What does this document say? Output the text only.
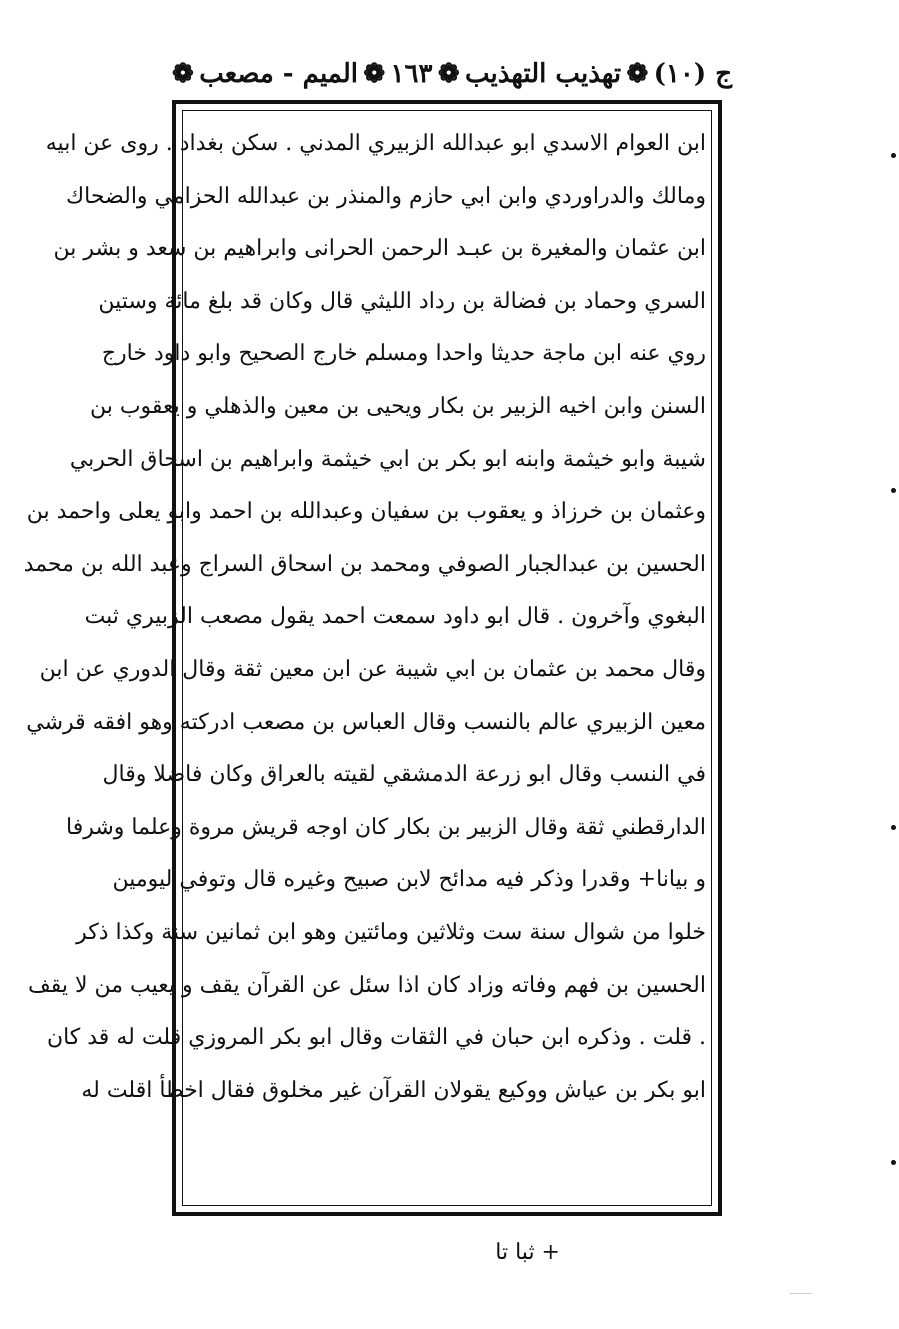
ج (١٠)
❁
تهذيب التهذيب
❁
١٦٣
❁
الميم - مصعب
❁
ابن العوام الاسدي ابو عبدالله الزبيري المدني . سكن بغداد . روى عن ابيه
ومالك والدراوردي وابن ابي حازم والمنذر بن عبدالله الحزامي والضحاك
ابن عثمان والمغيرة بن عبـد الرحمن الحرانى وابراهيم بن سعد و بشر بن
السري وحماد بن فضالة بن رداد الليثي قال وكان قد بلغ مائة وستين
روي عنه ابن ماجة حديثا واحدا ومسلم خارج الصحيح وابو داود خارج
السنن وابن اخيه الزبير بن بكار ويحيى بن معين والذهلي و يعقوب بن
شيبة وابو خيثمة وابنه ابو بكر بن ابي خيثمة وابراهيم بن اسحاق الحربي
وعثمان بن خرزاذ و يعقوب بن سفيان وعبدالله بن احمد وابو يعلى واحمد بن
الحسين بن عبدالجبار الصوفي ومحمد بن اسحاق السراج وعبد الله بن محمد
البغوي وآخرون . قال ابو داود سمعت احمد يقول مصعب الزبيري ثبت
وقال محمد بن عثمان بن ابي شيبة عن ابن معين ثقة وقال الدوري عن ابن
معين الزبيري عالم بالنسب وقال العباس بن مصعب ادركته وهو افقه قرشي
في النسب وقال ابو زرعة الدمشقي لقيته بالعراق وكان فاضلا وقال
الدارقطني ثقة وقال الزبير بن بكار كان اوجه قريش مروة وعلما وشرفا
و بيانا+ وقدرا وذكر فيه مدائح لابن صبيح وغيره قال وتوفي ليومين
خلوا من شوال سنة ست وثلاثين ومائتين وهو ابن ثمانين سنة وكذا ذكر
الحسين بن فهم وفاته وزاد كان اذا سئل عن القرآن يقف و يعيب من لا يقف
. قلت . وذكره ابن حبان في الثقات وقال ابو بكر المروزي قلت له قد كان
ابو بكر بن عياش ووكيع يقولان القرآن غير مخلوق فقال اخطأ اقلت له
+ ثبا تا
